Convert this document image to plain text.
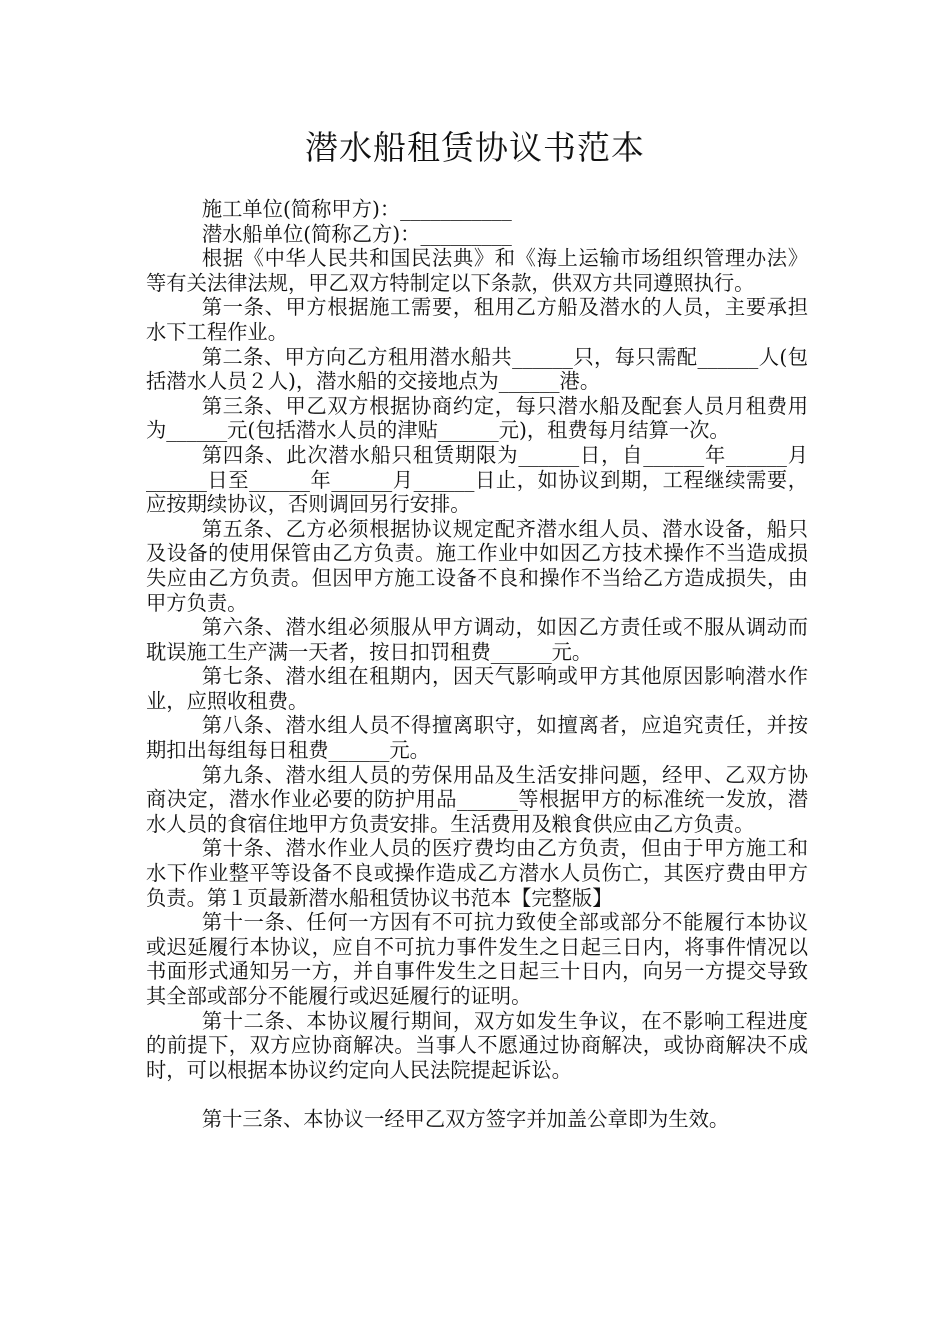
潜水船租赁协议书范本

施工单位(简称甲方)：___________

潜水船单位(简称乙方)：_________

根据《中华人民共和国民法典》和《海上运输市场组织管理办法》等有关法律法规，甲乙双方特制定以下条款，供双方共同遵照执行。

第一条、甲方根据施工需要，租用乙方船及潜水的人员，主要承担水下工程作业。

第二条、甲方向乙方租用潜水船共______只，每只需配______人(包括潜水人员２人)，潜水船的交接地点为______港。

第三条、甲乙双方根据协商约定，每只潜水船及配套人员月租费用为______元(包括潜水人员的津贴______元)，租费每月结算一次。

第四条、此次潜水船只租赁期限为______日，自______年______月______日至______年______月______日止，如协议到期，工程继续需要，应按期续协议，否则调回另行安排。

第五条、乙方必须根据协议规定配齐潜水组人员、潜水设备，船只及设备的使用保管由乙方负责。施工作业中如因乙方技术操作不当造成损失应由乙方负责。但因甲方施工设备不良和操作不当给乙方造成损失，由甲方负责。

第六条、潜水组必须服从甲方调动，如因乙方责任或不服从调动而耽误施工生产满一天者，按日扣罚租费______元。

第七条、潜水组在租期内，因天气影响或甲方其他原因影响潜水作业，应照收租费。

第八条、潜水组人员不得擅离职守，如擅离者，应追究责任，并按期扣出每组每日租费______元。

第九条、潜水组人员的劳保用品及生活安排问题，经甲、乙双方协商决定，潜水作业必要的防护用品______等根据甲方的标准统一发放，潜水人员的食宿住地甲方负责安排。生活费用及粮食供应由乙方负责。

第十条、潜水作业人员的医疗费均由乙方负责，但由于甲方施工和水下作业整平等设备不良或操作造成乙方潜水人员伤亡，其医疗费由甲方负责。第１页最新潜水船租赁协议书范本【完整版】

第十一条、任何一方因有不可抗力致使全部或部分不能履行本协议或迟延履行本协议，应自不可抗力事件发生之日起三日内，将事件情况以书面形式通知另一方，并自事件发生之日起三十日内，向另一方提交导致其全部或部分不能履行或迟延履行的证明。

第十二条、本协议履行期间，双方如发生争议，在不影响工程进度的前提下，双方应协商解决。当事人不愿通过协商解决，或协商解决不成时，可以根据本协议约定向人民法院提起诉讼。

第十三条、本协议一经甲乙双方签字并加盖公章即为生效。
